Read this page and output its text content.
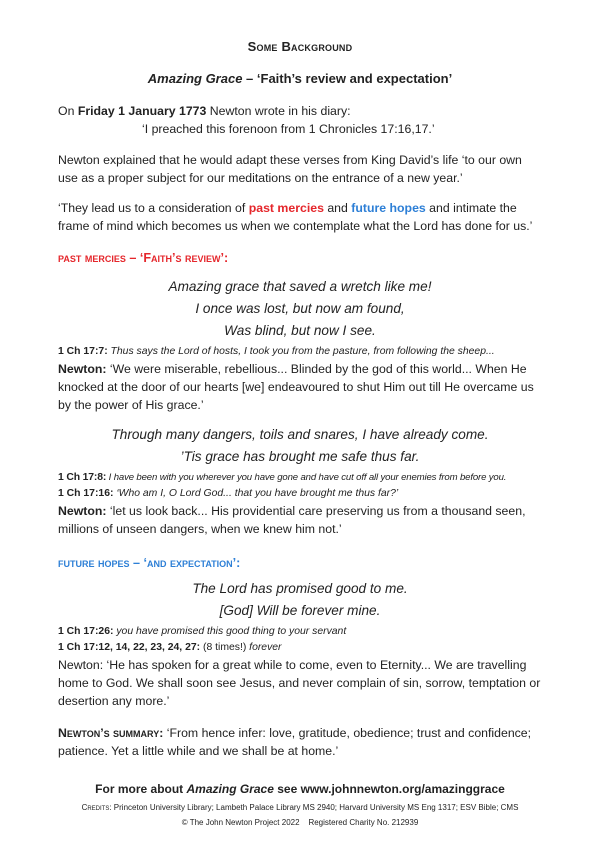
Some Background
Amazing Grace – ‘Faith’s review and expectation’

On Friday 1 January 1773 Newton wrote in his diary:

‘I preached this forenoon from 1 Chronicles 17:16,17.’

Newton explained that he would adapt these verses from King David’s life ‘to our own use as a proper subject for our meditations on the entrance of a new year.’

‘They lead us to a consideration of past mercies and future hopes and intimate the frame of mind which becomes us when we contemplate what the Lord has done for us.’

past mercies – ‘Faith’s review’:
Amazing grace that saved a wretch like me!
I once was lost, but now am found,
Was blind, but now I see.

1 Ch 17:7: Thus says the Lord of hosts, I took you from the pasture, from following the sheep...

Newton: ‘We were miserable, rebellious... Blinded by the god of this world... When He knocked at the door of our hearts [we] endeavoured to shut Him out till He overcame us by the power of His grace.’

Through many dangers, toils and snares, I have already come.
’Tis grace has brought me safe thus far.

1 Ch 17:8: I have been with you wherever you have gone and have cut off all your enemies from before you.

1 Ch 17:16: ‘Who am I, O Lord God... that you have brought me thus far?’

Newton: ‘let us look back... His providential care preserving us from a thousand seen, millions of unseen dangers, when we knew him not.’

future hopes – ‘and expectation’:
The Lord has promised good to me.
[God] Will be forever mine.

1 Ch 17:26: you have promised this good thing to your servant

1 Ch 17:12, 14, 22, 23, 24, 27: (8 times!) forever

Newton: ‘He has spoken for a great while to come, even to Eternity... We are travelling home to God. We shall soon see Jesus, and never complain of sin, sorrow, temptation or desertion any more.’

Newton’s summary: ‘From hence infer: love, gratitude, obedience; trust and confidence; patience. Yet a little while and we shall be at home.’

For more about Amazing Grace see www.johnnewton.org/amazinggrace
Credits: Princeton University Library; Lambeth Palace Library MS 2940; Harvard University MS Eng 1317; ESV Bible; CMS
© The John Newton Project 2022 Registered Charity No. 212939
